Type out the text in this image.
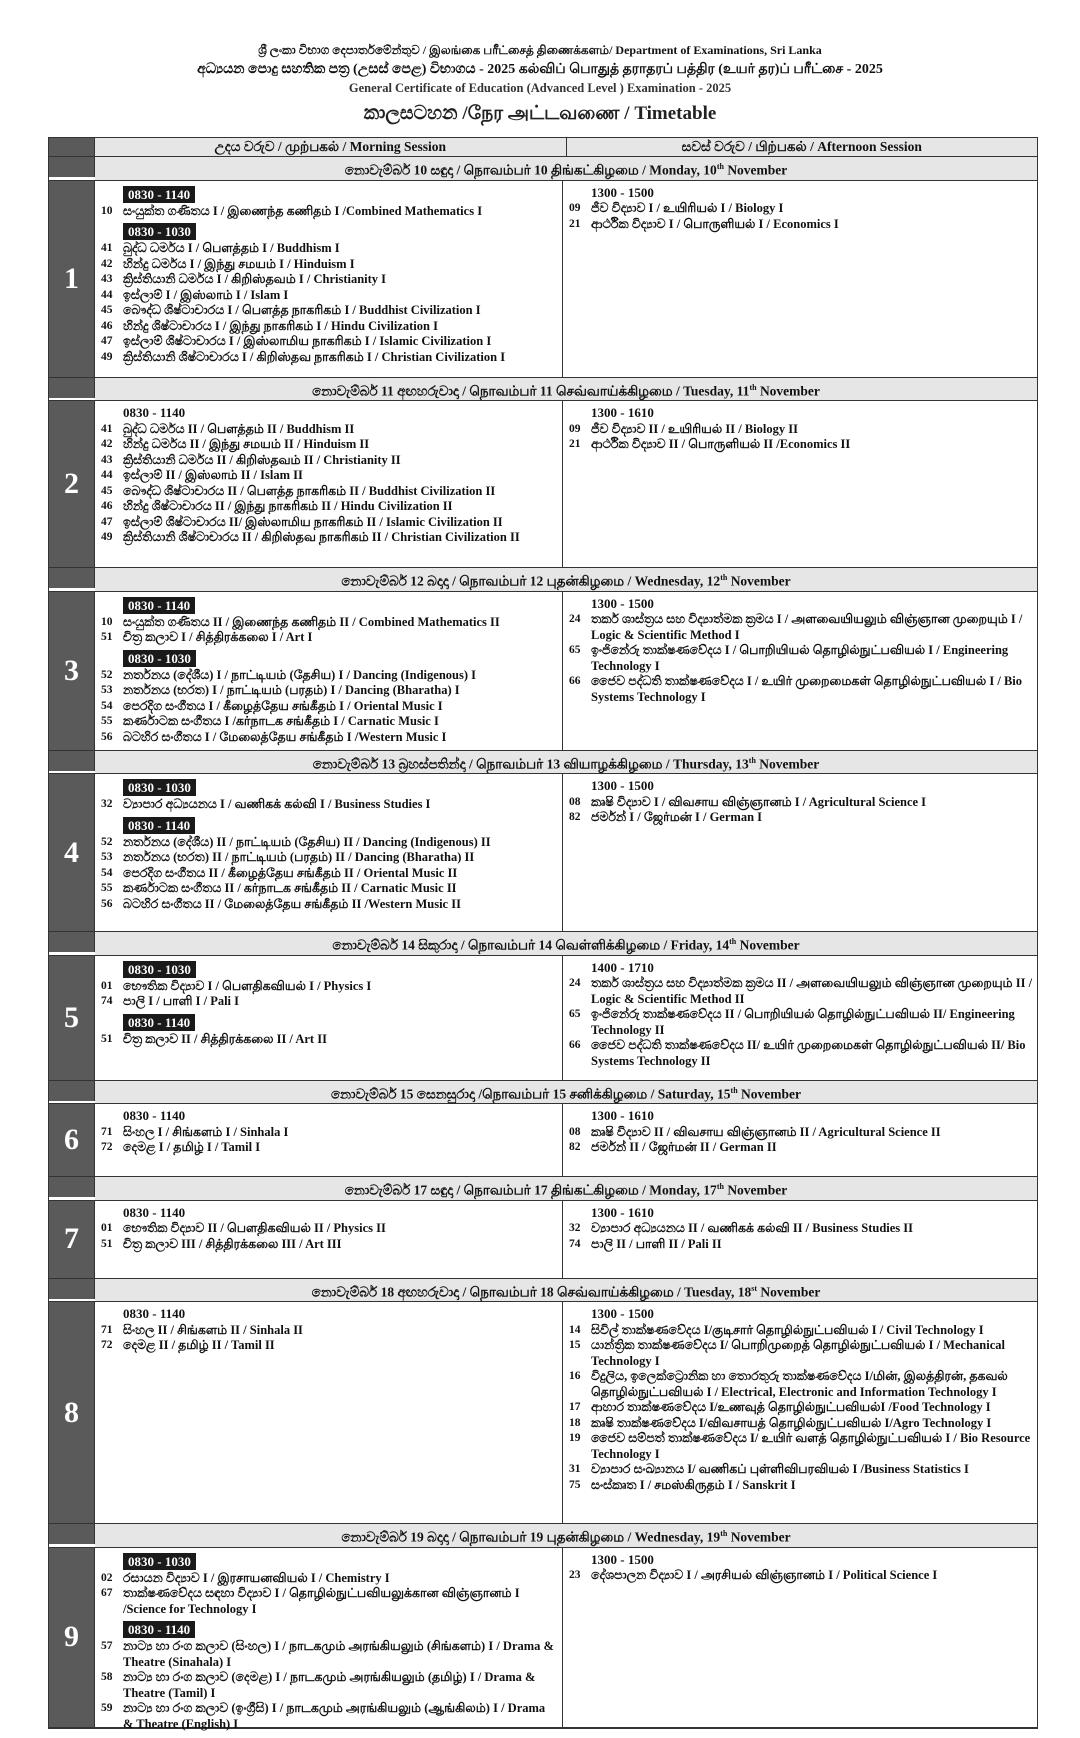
ශ්‍රී ලංකා විභාග දෙපාර්තමේන්තුව / இலங்கை பரீட்சைத் திணைக்களம்/ Department of Examinations, Sri Lanka
අධ්‍යයන පොදු සහතික පත්‍ර (උසස් පෙළ) විභාගය - 2025 கல்விப் பொதுத் தராதரப் பத்திர (உயர் தர)ப் பரீட்சை - 2025
General Certificate of Education (Advanced Level ) Examination - 2025
කාලසටහන /நேர அட்டவணை / Timetable
උදය වරුව / முற்பகல் / Morning Session	සවස් වරුව / பிற்பகல் / Afternoon Session
නොවැම්බර් 10 සඳුදා / நொவம்பர் 10 திங்கட்கிழமை / Monday, 10th November
1
0830 - 1140
10 සංයුක්ත ගණිතය I / இணைந்த கணிதம் I /Combined Mathematics I
0830 - 1030
41 බුද්ධ ධර්මය I / பௌத்தம் I / Buddhism I
42 හින්දු ධර්මය I / இந்து சமயம் I / Hinduism I
43 ක්‍රිස්තියානි ධර්මය I / கிறிஸ்தவம் I / Christianity I
44 ඉස්ලාම් I / இஸ்லாம் I / Islam I
45 බෞද්ධ ශිෂ්ටාචාරය I / பௌத்த நாகரிகம் I / Buddhist Civilization I
46 හින්දු ශිෂ්ටාචාරය I / இந்து நாகரிகம் I / Hindu Civilization I
47 ඉස්ලාම් ශිෂ්ටාචාරය I / இஸ்லாமிய நாகரிகம் I / Islamic Civilization I
49 ක්‍රිස්තියානි ශිෂ්ටාචාරය I / கிறிஸ்தவ நாகரிகம் I / Christian Civilization I
1300 - 1500
09 ජීව විද්‍යාව I / உயிரியல் I / Biology I
21 ආර්ථික විද්‍යාව I / பொருளியல் I / Economics I
නොවැම්බර් 11 අඟහරුවාදා / நொவம்பர் 11 செவ்வாய்க்கிழமை / Tuesday, 11th November
2
0830 - 1140
41 බුද්ධ ධර්මය II / பௌத்தம் II / Buddhism II
42 හින්දු ධර්මය II / இந்து சமயம் II / Hinduism II
43 ක්‍රිස්තියානි ධර්මය II / கிறிஸ்தவம் II / Christianity II
44 ඉස්ලාම් II / இஸ்லாம் II / Islam II
45 බෞද්ධ ශිෂ්ටාචාරය II / பௌத்த நாகரிகம் II / Buddhist Civilization II
46 හින්දු ශිෂ්ටාචාරය II / இந்து நாகரிகம் II / Hindu Civilization II
47 ඉස්ලාම් ශිෂ්ටාචාරය II/ இஸ்லாமிய நாகரிகம் II / Islamic Civilization II
49 ක්‍රිස්තියානි ශිෂ්ටාචාරය II / கிறிஸ்தவ நாகரிகம் II / Christian Civilization II
1300 - 1610
09 ජීව විද්‍යාව II / உயிரியல் II / Biology II
21 ආර්ථික විද්‍යාව II / பொருளியல் II /Economics II
නොවැම්බර් 12 බදාදා / நொவம்பர் 12 புதன்கிழமை / Wednesday, 12th November
3
0830 - 1140
10 සංයුක්ත ගණිතය II / இணைந்த கணிதம் II / Combined Mathematics II
51 චිත්‍ර කලාව I / சித்திரக்கலை I / Art I
0830 - 1030
52 නර්තනය (දේශීය) I / நாட்டியம் (தேசிய) I / Dancing (Indigenous) I
53 නර්තනය (භරත) I / நாட்டியம் (பரதம்) I / Dancing (Bharatha) I
54 පෙරදිග සංගීතය I / கீழைத்தேய சங்கீதம் I / Oriental Music I
55 කර්ණාටක සංගීතය I /கர்நாடக சங்கீதம் I / Carnatic Music I
56 බටහිර සංගීතය I / மேலைத்தேய சங்கீதம் I /Western Music I
1300 - 1500
24 තර්ක ශාස්ත්‍රය සහ විද්‍යාත්මක ක්‍රමය I / அளவையியலும் விஞ்ஞான முறையும் I / Logic & Scientific Method I
65 ඉංජිනේරු තාක්ෂණවේදය I / பொறியியல் தொழில்நுட்பவியல் I / Engineering Technology I
66 ජෛව පද්ධති තාක්ෂණවේදය I / உயிர் முறைமைகள் தொழில்நுட்பவியல் I / Bio Systems Technology I
නොවැම්බර් 13 බ්‍රහස්පතින්දා / நொவம்பர் 13 வியாழக்கிழமை / Thursday, 13th November
4
0830 - 1030
32 ව්‍යාපාර අධ්‍යයනය I / வணிகக் கல்வி I / Business Studies I
0830 - 1140
52 නර්තනය (දේශීය) II / நாட்டியம் (தேசிய) II / Dancing (Indigenous) II
53 නර්තනය (භරත) II / நாட்டியம் (பரதம்) II / Dancing (Bharatha) II
54 පෙරදිග සංගීතය II / கீழைத்தேய சங்கீதம் II / Oriental Music II
55 කර්ණාටක සංගීතය II / கர்நாடக சங்கீதம் II / Carnatic Music II
56 බටහිර සංගීතය II / மேலைத்தேய சங்கீதம் II /Western Music II
1300 - 1500
08 කෘෂි විද්‍යාව I / விவசாய விஞ்ஞானம் I / Agricultural Science I
82 ජර්මන් I / ஜேர்மன் I / German I
නොවැම්බර් 14 සිකුරාදා / நொவம்பர் 14 வெள்ளிக்கிழமை / Friday, 14th November
5
0830 - 1030
01 භෞතික විද්‍යාව I / பௌதிகவியல் I / Physics I
74 පාලි I / பாளி I / Pali I
0830 - 1140
51 චිත්‍ර කලාව II / சித்திரக்கலை II / Art II
1400 - 1710
24 තර්ක ශාස්ත්‍රය සහ විද්‍යාත්මක ක්‍රමය II / அளவையியலும் விஞ்ஞான முறையும் II / Logic & Scientific Method II
65 ඉංජිනේරු තාක්ෂණවේදය II / பொறியியல் தொழில்நுட்பவியல் II/ Engineering Technology II
66 ජෛව පද්ධති තාක්ෂණවේදය II/ உயிர் முறைமைகள் தொழில்நுட்பவியல் II/ Bio Systems Technology II
නොවැම්බර් 15 සෙනසුරාදා /நொவம்பர் 15 சனிக்கிழமை / Saturday, 15th November
6
0830 - 1140
71 සිංහල I / சிங்களம் I / Sinhala I
72 දෙමළ I / தமிழ் I / Tamil I
1300 - 1610
08 කෘෂි විද්‍යාව II / விவசாய விஞ்ஞானம் II / Agricultural Science II
82 ජර්මන් II / ஜேர்மன் II / German II
නොවැම්බර් 17 සඳුදා / நொவம்பர் 17 திங்கட்கிழமை / Monday, 17th November
7
0830 - 1140
01 භෞතික විද්‍යාව II / பௌதிகவியல் II / Physics II
51 චිත්‍ර කලාව III / சித்திரக்கலை III / Art III
1300 - 1610
32 ව්‍යාපාර අධ්‍යයනය II / வணிகக் கல்வி II / Business Studies II
74 පාලි II / பாளி II / Pali II
නොවැම්බර් 18 අඟහරුවාදා / நொவம்பர் 18 செவ்வாய்க்கிழமை / Tuesday, 18st November
8
0830 - 1140
71 සිංහල II / சிங்களம் II / Sinhala II
72 දෙමළ II / தமிழ் II / Tamil II
1300 - 1500
14 සිවිල් තාක්ෂණවේදය I/குடிசார் தொழில்நுட்பவியல் I / Civil Technology I
15 යාන්ත්‍රික තාක්ෂණවේදය I/ பொறிமுறைத் தொழில்நுட்பவியல் I / Mechanical Technology I
16 විදුලිය, ඉලෙක්ට්‍රොනික හා තොරතුරු තාක්ෂණවේදය I/மின், இலத்திரன், தகவல் தொழில்நுட்பவியல் I / Electrical, Electronic and Information Technology I
17 ආහාර තාක්ෂණවේදය I/உணவுத் தொழில்நுட்பவியல்I /Food Technology I
18 කෘෂි තාක්ෂණවේදය I/விவசாயத் தொழில்நுட்பவியல் I/Agro Technology I
19 ජෛව සම්පත් තාක්ෂණවේදය I/ உயிர் வளத் தொழில்நுட்பவியல் I / Bio Resource Technology I
31 ව්‍යාපාර සංඛ්‍යානය I/ வணிகப் புள்ளிவிபரவியல் I /Business Statistics I
75 සංස්කෘත I / சமஸ்கிருதம் I / Sanskrit I
නොවැම්බර් 19 බදාදා / நொவம்பர் 19 புதன்கிழமை / Wednesday, 19th November
9
0830 - 1030
02 රසායන විද්‍යාව I / இரசாயனவியல் I / Chemistry I
67 තාක්ෂණවේදය සඳහා විද්‍යාව I / தொழில்நுட்பவியலுக்கான விஞ்ஞானம் I /Science for Technology I
0830 - 1140
57 නාට්‍ය හා රංග කලාව (සිංහල) I / நாடகமும் அரங்கியலும் (சிங்களம்) I / Drama & Theatre (Sinahala) I
58 නාට්‍ය හා රංග කලාව (දෙමළ) I / நாடகமும் அரங்கியலும் (தமிழ்) I / Drama & Theatre (Tamil) I
59 නාට්‍ය හා රංග කලාව (ඉංග්‍රීසි) I / நாடகமும் அரங்கியலும் (ஆங்கிலம்) I / Drama & Theatre (English) I
1300 - 1500
23 දේශපාලන විද්‍යාව I / அரசியல் விஞ்ஞானம் I / Political Science I
